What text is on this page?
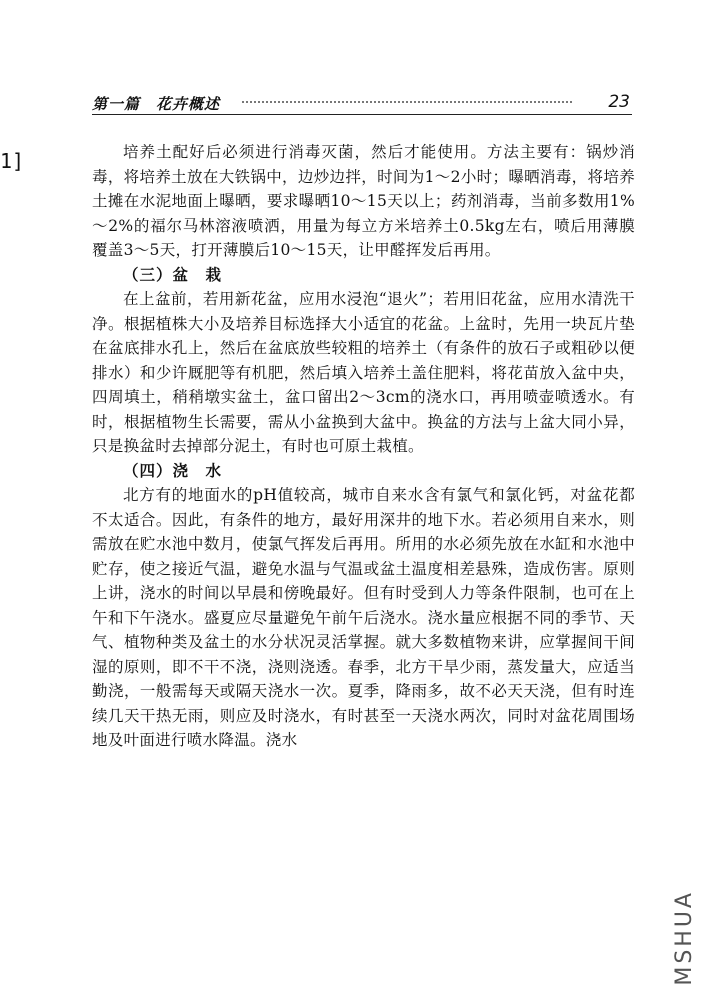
第一篇　花卉概述	23
1]	培养土配好后必须进行消毒灭菌，然后才能使用。方法主要有：锅炒消毒，将培养土放在大铁锅中，边炒边拌，时间为1～2小时；曝晒消毒，将培养土摊在水泥地面上曝晒，要求曝晒10～15天以上；药剂消毒，当前多数用1%～2%的福尔马林溶液喷洒，用量为每立方米培养土0.5kg左右，喷后用薄膜覆盖3～5天，打开薄膜后10～15天，让甲醛挥发后再用。

（三）盆　栽

在上盆前，若用新花盆，应用水浸泡“退火”；若用旧花盆，应用水清洗干净。根据植株大小及培养目标选择大小适宜的花盆。上盆时，先用一块瓦片垫在盆底排水孔上，然后在盆底放些较粗的培养土（有条件的放石子或粗砂以便排水）和少许厩肥等有机肥，然后填入培养土盖住肥料，将花苗放入盆中央，四周填土，稍稍墩实盆土，盆口留出2～3cm的浇水口，再用喷壶喷透水。有时，根据植物生长需要，需从小盆换到大盆中。换盆的方法与上盆大同小异，只是换盆时去掉部分泥土，有时也可原土栽植。

（四）浇　水

北方有的地面水的pH值较高，城市自来水含有氯气和氯化钙，对盆花都不太适合。因此，有条件的地方，最好用深井的地下水。若必须用自来水，则需放在贮水池中数月，使氯气挥发后再用。所用的水必须先放在水缸和水池中贮存，使之接近气温，避免水温与气温或盆土温度相差悬殊，造成伤害。原则上讲，浇水的时间以早晨和傍晚最好。但有时受到人力等条件限制，也可在上午和下午浇水。盛夏应尽量避免午前午后浇水。浇水量应根据不同的季节、天气、植物种类及盆土的水分状况灵活掌握。就大多数植物来讲，应掌握间干间湿的原则，即不干不浇，浇则浇透。春季，北方干旱少雨，蒸发量大，应适当勤浇，一般需每天或隔天浇水一次。夏季，降雨多，故不必天天浇，但有时连续几天干热无雨，则应及时浇水，有时甚至一天浇水两次，同时对盆花周围场地及叶面进行喷水降温。浇水

MSHUA
